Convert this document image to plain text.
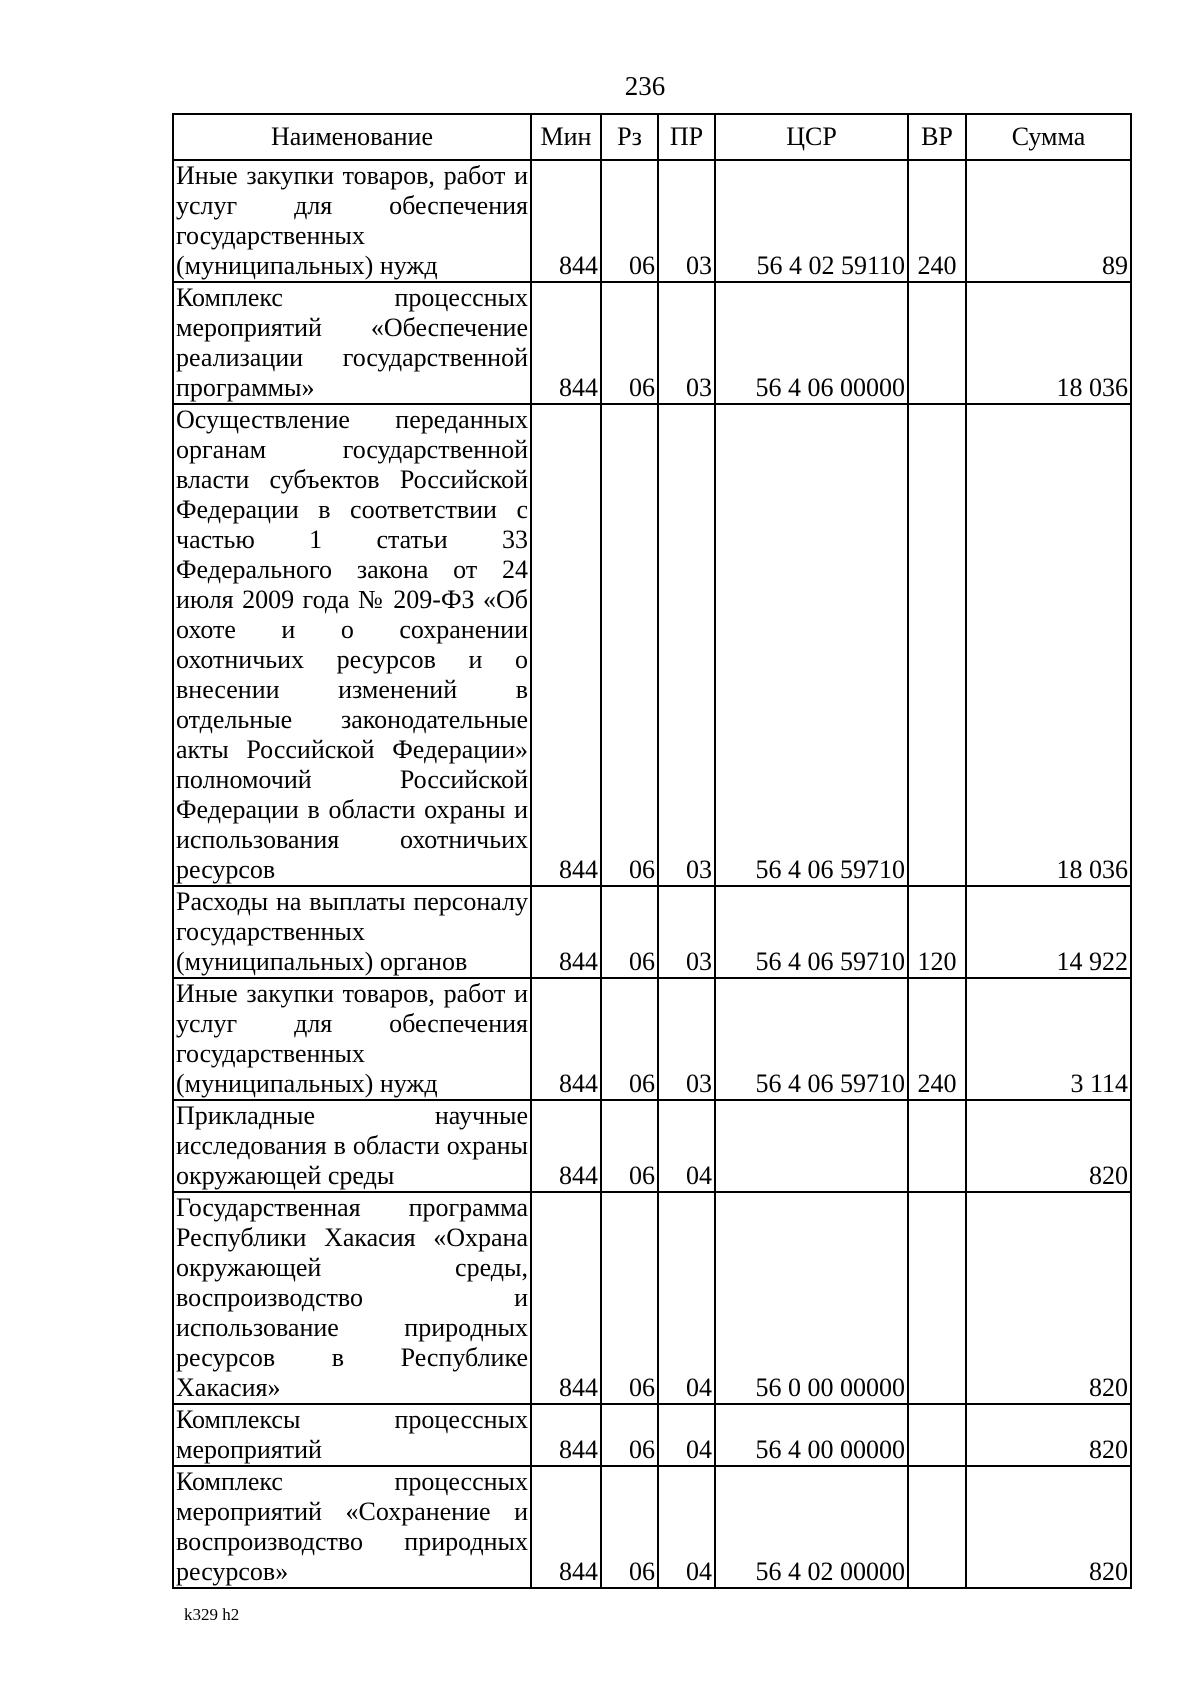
236
Наименование	Мин	Рз	ПР	ЦСР	ВР	Сумма
Иные закупки товаров, работ и услуг для обеспечения государственных (муниципальных) нужд	844	06	03	56 4 02 59110	240	89
Комплекс процессных мероприятий «Обеспечение реализации государственной программы»	844	06	03	56 4 06 00000		18 036
Осуществление переданных органам государственной власти субъектов Российской Федерации в соответствии с частью 1 статьи 33 Федерального закона от 24 июля 2009 года № 209-ФЗ «Об охоте и о сохранении охотничьих ресурсов и о внесении изменений в отдельные законодательные акты Российской Федерации» полномочий Российской Федерации в области охраны и использования охотничьих ресурсов	844	06	03	56 4 06 59710		18 036
Расходы на выплаты персоналу государственных (муниципальных) органов	844	06	03	56 4 06 59710	120	14 922
Иные закупки товаров, работ и услуг для обеспечения государственных (муниципальных) нужд	844	06	03	56 4 06 59710	240	3 114
Прикладные научные исследования в области охраны окружающей среды	844	06	04			820
Государственная программа Республики Хакасия «Охрана окружающей среды, воспроизводство и использование природных ресурсов в Республике Хакасия»	844	06	04	56 0 00 00000		820
Комплексы процессных мероприятий	844	06	04	56 4 00 00000		820
Комплекс процессных мероприятий «Сохранение и воспроизводство природных ресурсов»	844	06	04	56 4 02 00000		820
k329 h2
